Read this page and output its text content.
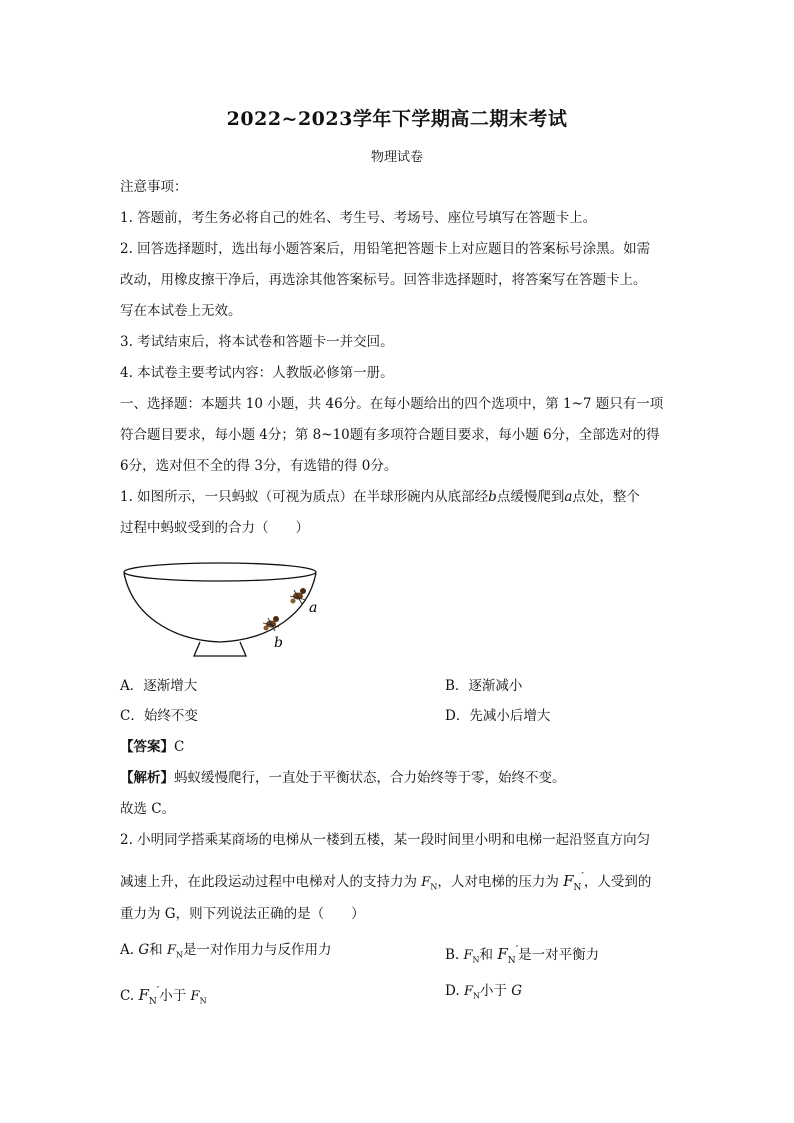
2022~2023学年下学期高二期末考试
物理试卷
注意事项：
1. 答题前，考生务必将自己的姓名、考生号、考场号、座位号填写在答题卡上。
2. 回答选择题时，选出每小题答案后，用铅笔把答题卡上对应题目的答案标号涂黑。如需
改动，用橡皮擦干净后，再选涂其他答案标号。回答非选择题时，将答案写在答题卡上。
写在本试卷上无效。
3. 考试结束后，将本试卷和答题卡一并交回。
4. 本试卷主要考试内容：人教版必修第一册。
一、选择题：本题共 10 小题，共 46分。在每小题给出的四个选项中，第 1~7 题只有一项
符合题目要求，每小题 4分；第 8~10题有多项符合题目要求，每小题 6分，全部选对的得
6分，选对但不全的得 3分，有选错的得 0分。
1. 如图所示，一只蚂蚁（可视为质点）在半球形碗内从底部经b点缓慢爬到a点处，整个
过程中蚂蚁受到的合力（　　）
a
b
A．逐渐增大	B．逐渐减小
C．始终不变	D．先减小后增大
【答案】C
【解析】蚂蚁缓慢爬行，一直处于平衡状态，合力始终等于零，始终不变。
故选 C。
2. 小明同学搭乘某商场的电梯从一楼到五楼，某一段时间里小明和电梯一起沿竖直方向匀
减速上升，在此段运动过程中电梯对人的支持力为 $F_N$，人对电梯的压力为 $F_N'$，人受到的
重力为 G，则下列说法正确的是（　　）
A. G和 $F_N$是一对作用力与反作用力	B. $F_N$和 $F_N'$是一对平衡力
C. $F_N'$小于 $F_N$
D. $F_N$小于 G
